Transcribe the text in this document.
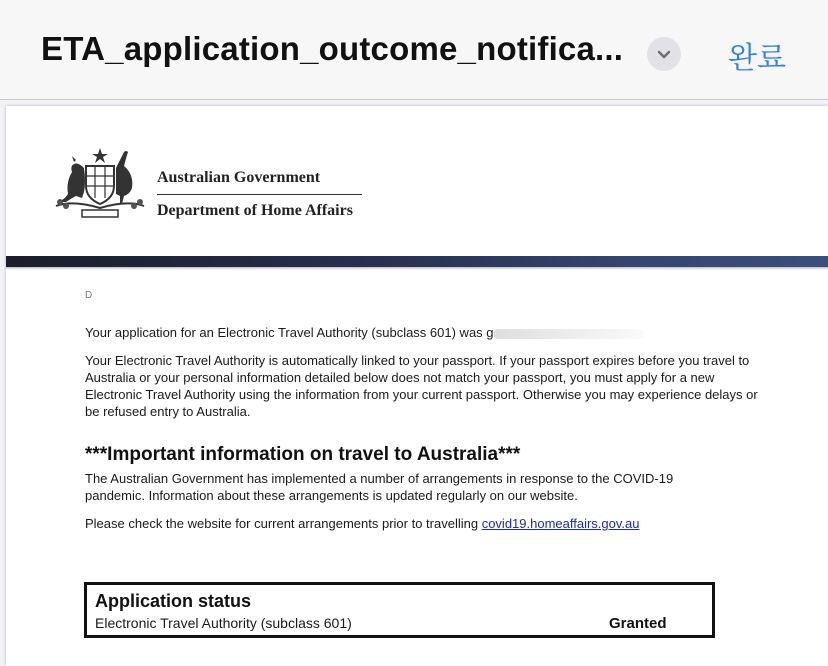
ETA_application_outcome_notifica...	완료
Australian Government
Department of Home Affairs
D
Your application for an Electronic Travel Authority (subclass 601) was g
Your Electronic Travel Authority is automatically linked to your passport. If your passport expires before you travel to Australia or your personal information detailed below does not match your passport, you must apply for a new Electronic Travel Authority using the information from your current passport. Otherwise you may experience delays or be refused entry to Australia.
***Important information on travel to Australia***
The Australian Government has implemented a number of arrangements in response to the COVID-19 pandemic. Information about these arrangements is updated regularly on our website.
Please check the website for current arrangements prior to travelling covid19.homeaffairs.gov.au
Application status
Electronic Travel Authority (subclass 601)	Granted
